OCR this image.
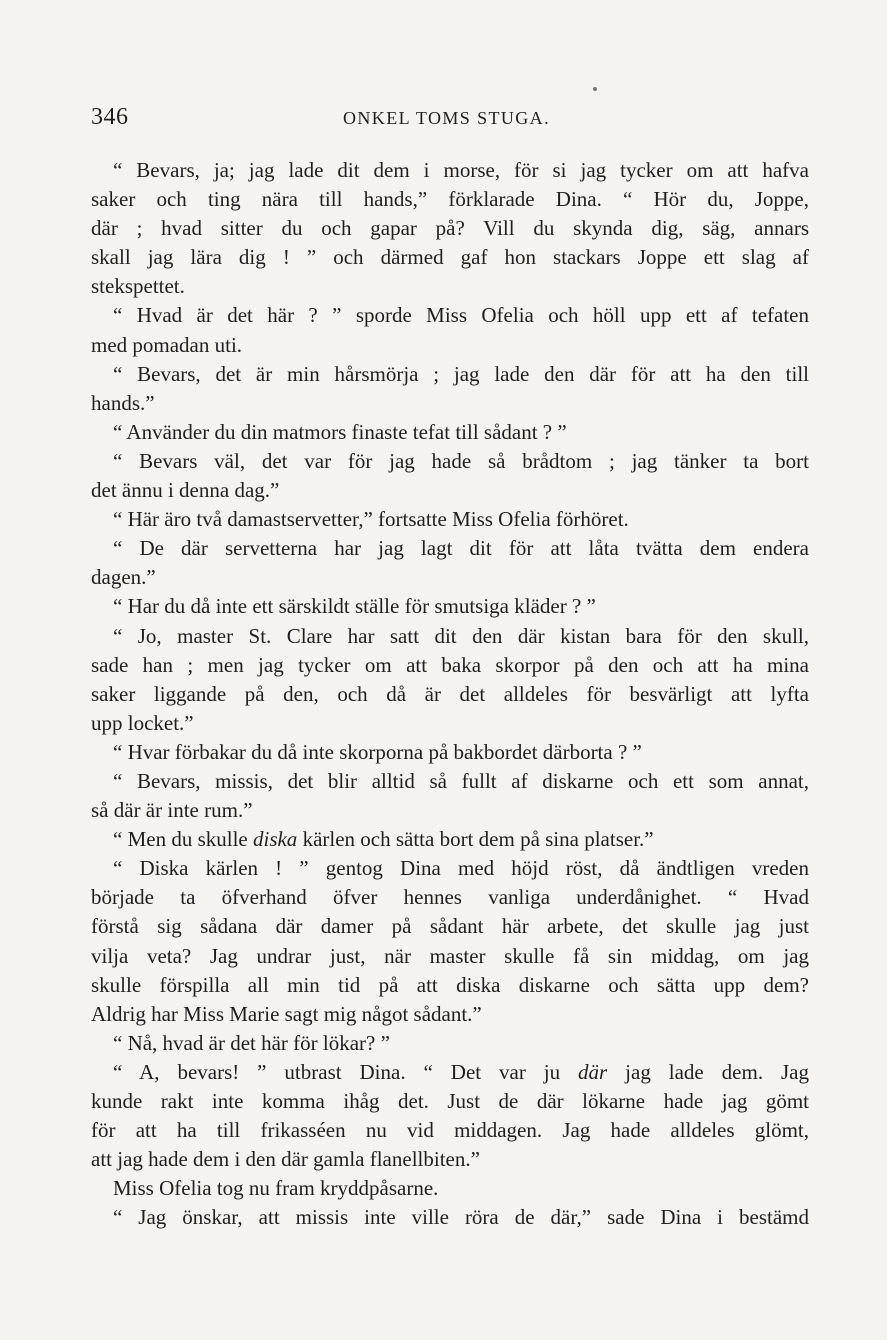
346	ONKEL TOMS STUGA.
“ Bevars, ja; jag lade dit dem i morse, för si jag tycker om att hafva
saker och ting nära till hands,” förklarade Dina. “ Hör du, Joppe,
där ; hvad sitter du och gapar på? Vill du skynda dig, säg, annars
skall jag lära dig ! ” och därmed gaf hon stackars Joppe ett slag af
stekspettet.
“ Hvad är det här ? ” sporde Miss Ofelia och höll upp ett af tefaten
med pomadan uti.
“ Bevars, det är min hårsmörja ; jag lade den där för att ha den till
hands.”
“ Använder du din matmors finaste tefat till sådant ? ”
“ Bevars väl, det var för jag hade så brådtom ; jag tänker ta bort
det ännu i denna dag.”
“ Här äro två damastservetter,” fortsatte Miss Ofelia förhöret.
“ De där servetterna har jag lagt dit för att låta tvätta dem endera
dagen.”
“ Har du då inte ett särskildt ställe för smutsiga kläder ? ”
“ Jo, master St. Clare har satt dit den där kistan bara för den skull,
sade han ; men jag tycker om att baka skorpor på den och att ha mina
saker liggande på den, och då är det alldeles för besvärligt att lyfta
upp locket.”
“ Hvar förbakar du då inte skorporna på bakbordet därborta ? ”
“ Bevars, missis, det blir alltid så fullt af diskarne och ett som annat,
så där är inte rum.”
“ Men du skulle diska kärlen och sätta bort dem på sina platser.”
“ Diska kärlen ! ” gentog Dina med höjd röst, då ändtligen vreden
började ta öfverhand öfver hennes vanliga underdånighet. “ Hvad
förstå sig sådana där damer på sådant här arbete, det skulle jag just
vilja veta? Jag undrar just, när master skulle få sin middag, om jag
skulle förspilla all min tid på att diska diskarne och sätta upp dem?
Aldrig har Miss Marie sagt mig något sådant.”
“ Nå, hvad är det här för lökar? ”
“ A, bevars! ” utbrast Dina. “ Det var ju där jag lade dem. Jag
kunde rakt inte komma ihåg det. Just de där lökarne hade jag gömt
för att ha till frikasséen nu vid middagen. Jag hade alldeles glömt,
att jag hade dem i den där gamla flanellbiten.”
Miss Ofelia tog nu fram kryddpåsarne.
“ Jag önskar, att missis inte ville röra de där,” sade Dina i bestämd
